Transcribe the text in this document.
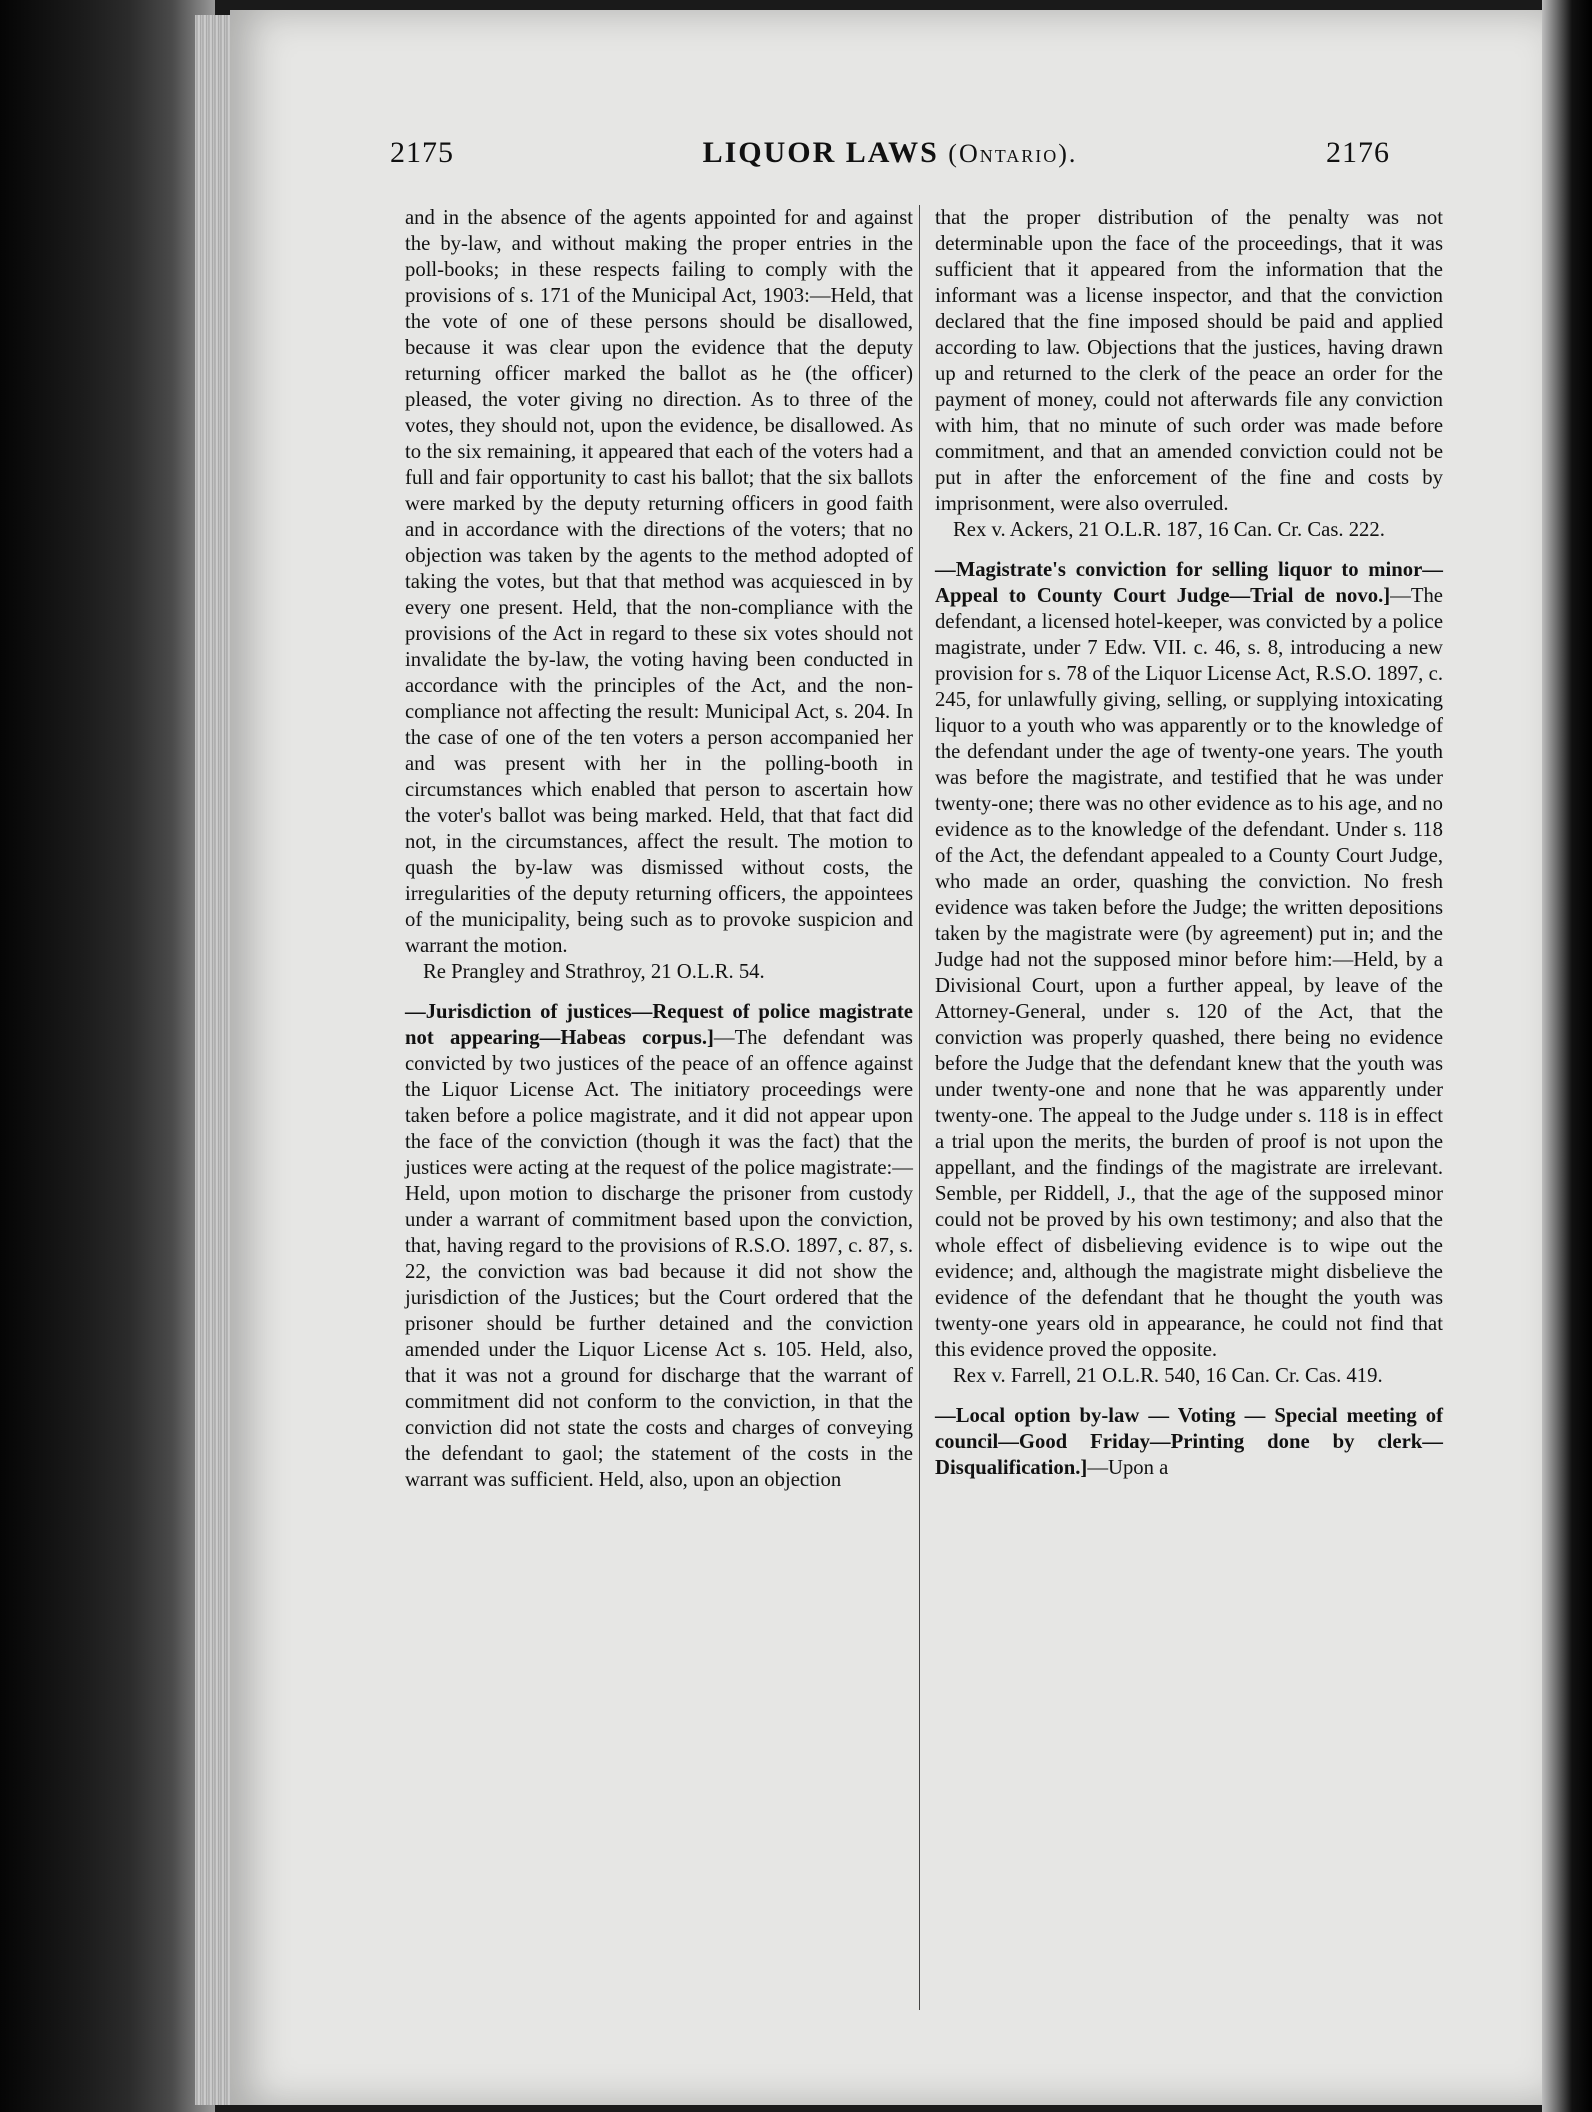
2175	LIQUOR LAWS (Ontario).	2176

and in the absence of the agents appointed for and against the by-law, and without making the proper entries in the poll-books; in these respects failing to comply with the provisions of s. 171 of the Municipal Act, 1903:—Held, that the vote of one of these persons should be disallowed, because it was clear upon the evidence that the deputy returning officer marked the ballot as he (the officer) pleased, the voter giving no direction. As to three of the votes, they should not, upon the evidence, be disallowed. As to the six remaining, it appeared that each of the voters had a full and fair opportunity to cast his ballot; that the six ballots were marked by the deputy returning officers in good faith and in accordance with the directions of the voters; that no objection was taken by the agents to the method adopted of taking the votes, but that that method was acquiesced in by every one present. Held, that the non-compliance with the provisions of the Act in regard to these six votes should not invalidate the by-law, the voting having been conducted in accordance with the principles of the Act, and the non-compliance not affecting the result: Municipal Act, s. 204. In the case of one of the ten voters a person accompanied her and was present with her in the polling-booth in circumstances which enabled that person to ascertain how the voter's ballot was being marked. Held, that that fact did not, in the circumstances, affect the result. The motion to quash the by-law was dismissed without costs, the irregularities of the deputy returning officers, the appointees of the municipality, being such as to provoke suspicion and warrant the motion.

Re Prangley and Strathroy, 21 O.L.R. 54.

—Jurisdiction of justices—Request of police magistrate not appearing—Habeas corpus.]—The defendant was convicted by two justices of the peace of an offence against the Liquor License Act. The initiatory proceedings were taken before a police magistrate, and it did not appear upon the face of the conviction (though it was the fact) that the justices were acting at the request of the police magistrate:—Held, upon motion to discharge the prisoner from custody under a warrant of commitment based upon the conviction, that, having regard to the provisions of R.S.O. 1897, c. 87, s. 22, the conviction was bad because it did not show the jurisdiction of the Justices; but the Court ordered that the prisoner should be further detained and the conviction amended under the Liquor License Act s. 105. Held, also, that it was not a ground for discharge that the warrant of commitment did not conform to the conviction, in that the conviction did not state the costs and charges of conveying the defendant to gaol; the statement of the costs in the warrant was sufficient. Held, also, upon an objection

that the proper distribution of the penalty was not determinable upon the face of the proceedings, that it was sufficient that it appeared from the information that the informant was a license inspector, and that the conviction declared that the fine imposed should be paid and applied according to law. Objections that the justices, having drawn up and returned to the clerk of the peace an order for the payment of money, could not afterwards file any conviction with him, that no minute of such order was made before commitment, and that an amended conviction could not be put in after the enforcement of the fine and costs by imprisonment, were also overruled.

Rex v. Ackers, 21 O.L.R. 187, 16 Can. Cr. Cas. 222.

—Magistrate's conviction for selling liquor to minor—Appeal to County Court Judge—Trial de novo.]—The defendant, a licensed hotel-keeper, was convicted by a police magistrate, under 7 Edw. VII. c. 46, s. 8, introducing a new provision for s. 78 of the Liquor License Act, R.S.O. 1897, c. 245, for unlawfully giving, selling, or supplying intoxicating liquor to a youth who was apparently or to the knowledge of the defendant under the age of twenty-one years. The youth was before the magistrate, and testified that he was under twenty-one; there was no other evidence as to his age, and no evidence as to the knowledge of the defendant. Under s. 118 of the Act, the defendant appealed to a County Court Judge, who made an order, quashing the conviction. No fresh evidence was taken before the Judge; the written depositions taken by the magistrate were (by agreement) put in; and the Judge had not the supposed minor before him:—Held, by a Divisional Court, upon a further appeal, by leave of the Attorney-General, under s. 120 of the Act, that the conviction was properly quashed, there being no evidence before the Judge that the defendant knew that the youth was under twenty-one and none that he was apparently under twenty-one. The appeal to the Judge under s. 118 is in effect a trial upon the merits, the burden of proof is not upon the appellant, and the findings of the magistrate are irrelevant. Semble, per Riddell, J., that the age of the supposed minor could not be proved by his own testimony; and also that the whole effect of disbelieving evidence is to wipe out the evidence; and, although the magistrate might disbelieve the evidence of the defendant that he thought the youth was twenty-one years old in appearance, he could not find that this evidence proved the opposite.

Rex v. Farrell, 21 O.L.R. 540, 16 Can. Cr. Cas. 419.

—Local option by-law — Voting — Special meeting of council—Good Friday—Printing done by clerk—Disqualification.]—Upon a
